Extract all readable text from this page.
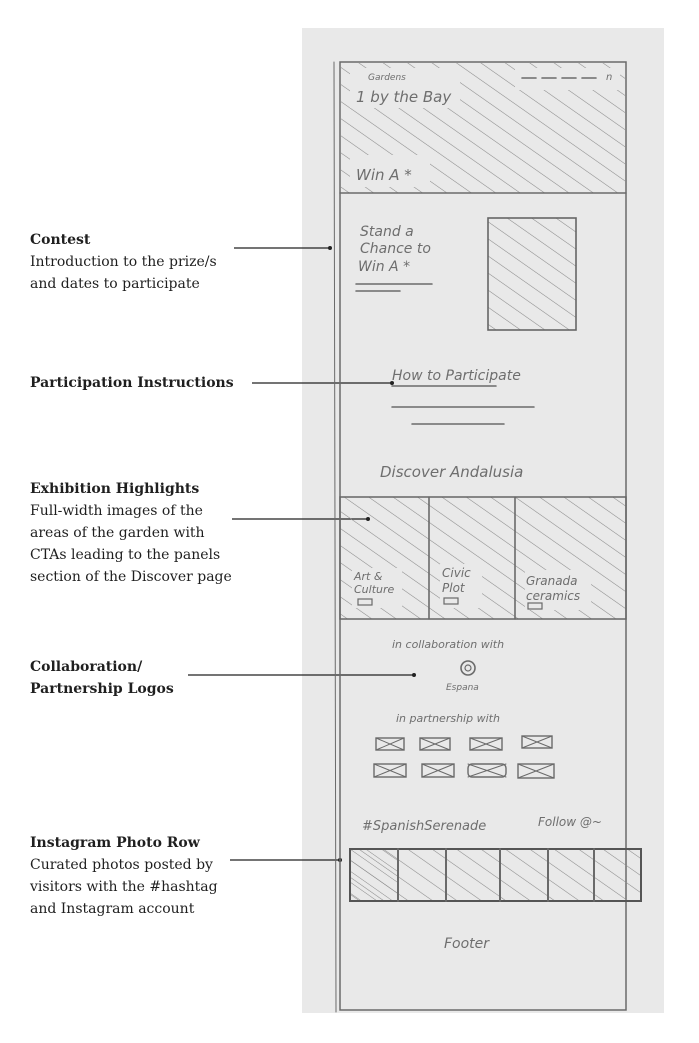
Contest
Introduction to the prize/s
and dates to participate
Participation Instructions
Exhibition Highlights
Full-width images of the
areas of the garden with
CTAs leading to the panels
section of the Discover page
Collaboration/
Partnership Logos
Instagram Photo Row
Curated photos posted by
visitors with the #hashtag
and Instagram account
Gardens
1 by the Bay
n
Win A *
Stand a
Chance to
Win A *
How to Participate
Discover Andalusia
Art &
Culture
Civic
Plot	Granada
ceramics
in collaboration with
Espana
in partnership with
#SpanishSerenade	Follow @~
Footer
